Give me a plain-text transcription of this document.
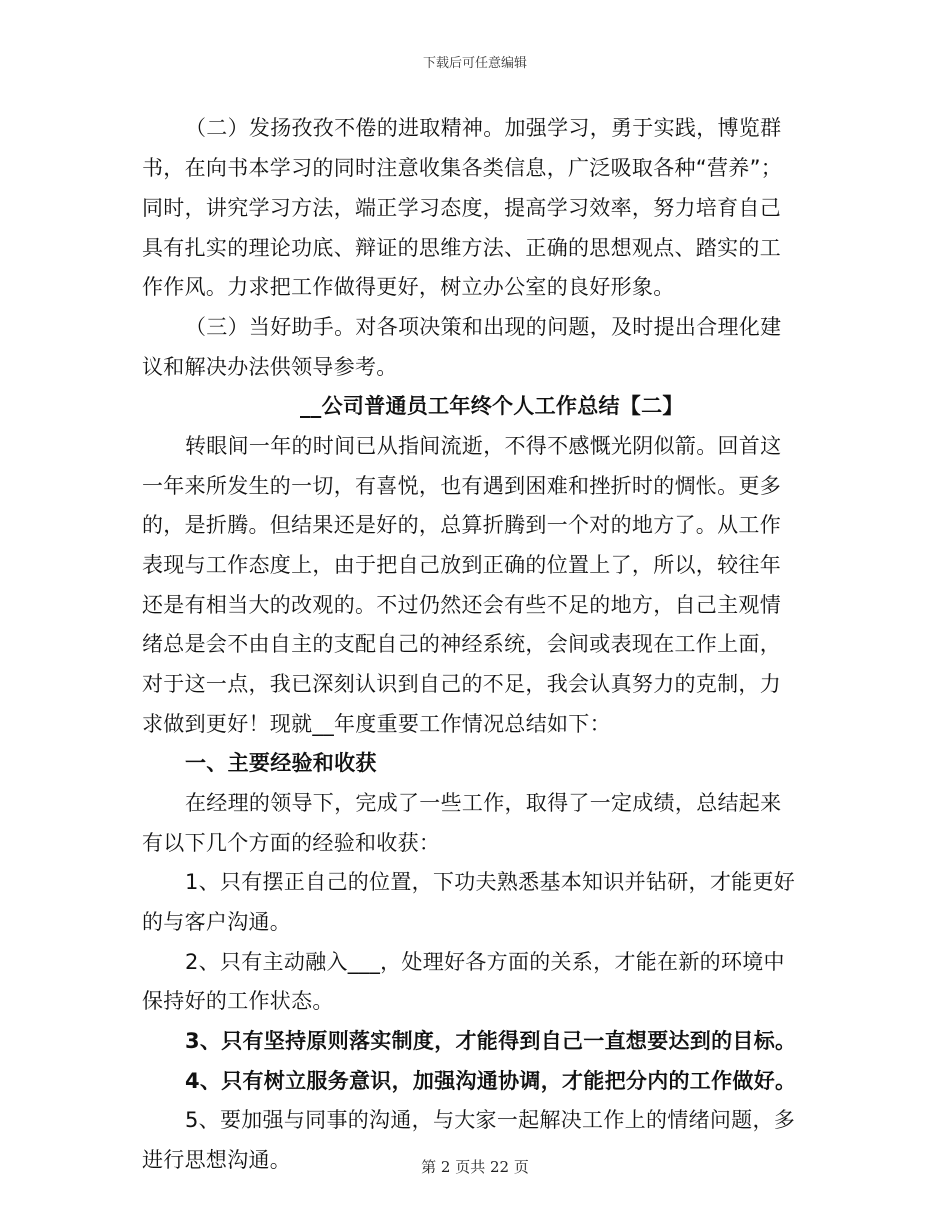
下载后可任意编辑
（二）发扬孜孜不倦的进取精神。加强学习，勇于实践，博览群
书，在向书本学习的同时注意收集各类信息，广泛吸取各种“营养”；
同时，讲究学习方法，端正学习态度，提高学习效率，努力培育自己
具有扎实的理论功底、辩证的思维方法、正确的思想观点、踏实的工
作作风。力求把工作做得更好，树立办公室的良好形象。
（三）当好助手。对各项决策和出现的问题，及时提出合理化建
议和解决办法供领导参考。
__公司普通员工年终个人工作总结【二】
转眼间一年的时间已从指间流逝，不得不感慨光阴似箭。回首这
一年来所发生的一切，有喜悦，也有遇到困难和挫折时的惆怅。更多
的，是折腾。但结果还是好的，总算折腾到一个对的地方了。从工作
表现与工作态度上，由于把自己放到正确的位置上了，所以，较往年
还是有相当大的改观的。不过仍然还会有些不足的地方，自己主观情
绪总是会不由自主的支配自己的神经系统，会间或表现在工作上面，
对于这一点，我已深刻认识到自己的不足，我会认真努力的克制，力
求做到更好！现就__年度重要工作情况总结如下：
一、主要经验和收获
在经理的领导下，完成了一些工作，取得了一定成绩，总结起来
有以下几个方面的经验和收获：
1、只有摆正自己的位置，下功夫熟悉基本知识并钻研，才能更好
的与客户沟通。
2、只有主动融入___，处理好各方面的关系，才能在新的环境中
保持好的工作状态。
3、只有坚持原则落实制度，才能得到自己一直想要达到的目标。
4、只有树立服务意识，加强沟通协调，才能把分内的工作做好。
5、要加强与同事的沟通，与大家一起解决工作上的情绪问题，多
进行思想沟通。	第 2 页共 22 页
